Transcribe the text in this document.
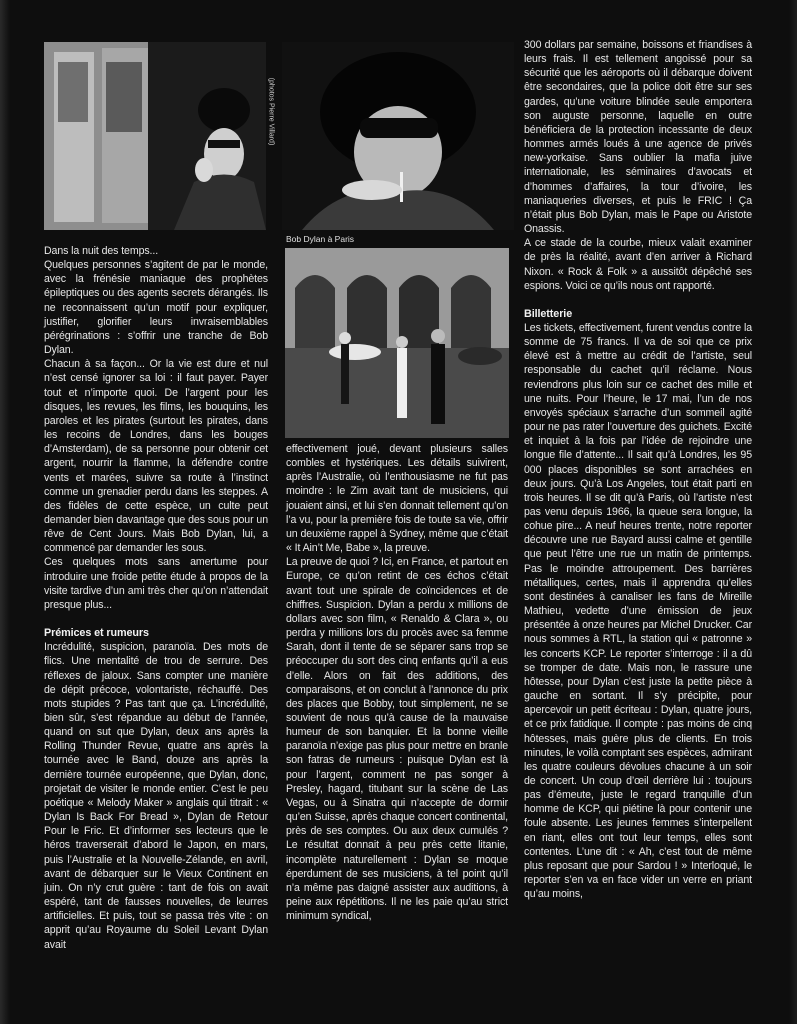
(photos Pierre Villard)
Bob Dylan à Paris

Dans la nuit des temps...

Quelques personnes s’agitent de par le monde, avec la frénésie maniaque des prophètes épileptiques ou des agents secrets dérangés. Ils ne reconnaissent qu’un motif pour expliquer, justifier, glorifier leurs invraisemblables pérégrinations : s’offrir une tranche de Bob Dylan.

Chacun à sa façon... Or la vie est dure et nul n’est censé ignorer sa loi : il faut payer. Payer tout et n’importe quoi. De l’argent pour les disques, les revues, les films, les bouquins, les paroles et les pirates (surtout les pirates, dans les recoins de Londres, dans les bouges d’Amsterdam), de sa personne pour obtenir cet argent, nourrir la flamme, la défendre contre vents et marées, suivre sa route à l’instinct comme un grenadier perdu dans les steppes. A des fidèles de cette espèce, un culte peut demander bien davantage que des sous pour un rêve de Cent Jours. Mais Bob Dylan, lui, a commencé par demander les sous.

Ces quelques mots sans amertume pour introduire une froide petite étude à propos de la visite tardive d’un ami très cher qu’on n’attendait presque plus...

Prémices et rumeurs

Incrédulité, suspicion, paranoïa. Des mots de flics. Une mentalité de trou de serrure. Des réflexes de jaloux. Sans compter une manière de dépit précoce, volontariste, réchauffé. Des mots stupides ? Pas tant que ça. L’incrédulité, bien sûr, s’est répandue au début de l’année, quand on sut que Dylan, deux ans après la Rolling Thunder Revue, quatre ans après la tournée avec le Band, douze ans après la dernière tournée européenne, que Dylan, donc, projetait de visiter le monde entier. C’est le peu poétique « Melody Maker » anglais qui titrait : « Dylan Is Back For Bread », Dylan de Retour Pour le Fric. Et d’informer ses lecteurs que le héros traverserait d’abord le Japon, en mars, puis l’Australie et la Nouvelle-Zélande, en avril, avant de débarquer sur le Vieux Continent en juin. On n’y crut guère : tant de fois on avait espéré, tant de fausses nouvelles, de leurres artificielles. Et puis, tout se passa très vite : on apprit qu’au Royaume du Soleil Levant Dylan avait

effectivement joué, devant plusieurs salles combles et hystériques. Les détails suivirent, après l’Australie, où l’enthousiasme ne fut pas moindre : le Zim avait tant de musiciens, qui jouaient ainsi, et lui s’en donnait tellement qu’on l’a vu, pour la première fois de toute sa vie, offrir un deuxième rappel à Sydney, même que c’était « It Ain’t Me, Babe », la preuve.

La preuve de quoi ? Ici, en France, et partout en Europe, ce qu’on retint de ces échos c’était avant tout une spirale de coïncidences et de chiffres. Suspicion. Dylan a perdu x millions de dollars avec son film, « Renaldo & Clara », ou perdra y millions lors du procès avec sa femme Sarah, dont il tente de se séparer sans trop se préoccuper du sort des cinq enfants qu’il a eus d’elle. Alors on fait des additions, des comparaisons, et on conclut à l’annonce du prix des places que Bobby, tout simplement, ne se souvient de nous qu’à cause de la mauvaise humeur de son banquier. Et la bonne vieille paranoïa n’exige pas plus pour mettre en branle son fatras de rumeurs : puisque Dylan est là pour l’argent, comment ne pas songer à Presley, hagard, titubant sur la scène de Las Vegas, ou à Sinatra qui n’accepte de dormir qu’en Suisse, après chaque concert continental, près de ses comptes. Ou aux deux cumulés ? Le résultat donnait à peu près cette litanie, incomplète naturellement : Dylan se moque éperdument de ses musiciens, à tel point qu’il n’a même pas daigné assister aux auditions, à peine aux répétitions. Il ne les paie qu’au strict minimum syndical,

300 dollars par semaine, boissons et friandises à leurs frais. Il est tellement angoissé pour sa sécurité que les aéroports où il débarque doivent être secondaires, que la police doit être sur ses gardes, qu’une voiture blindée seule emportera son auguste personne, laquelle en outre bénéficiera de la protection incessante de deux hommes armés loués à une agence de privés new-yorkaise. Sans oublier la mafia juive internationale, les séminaires d’avocats et d’hommes d’affaires, la tour d’ivoire, les maniaqueries diverses, et puis le FRIC ! Ça n’était plus Bob Dylan, mais le Pape ou Aristote Onassis.

A ce stade de la courbe, mieux valait examiner de près la réalité, avant d’en arriver à Richard Nixon. « Rock & Folk » a aussitôt dépêché ses espions. Voici ce qu’ils nous ont rapporté.

Billetterie

Les tickets, effectivement, furent vendus contre la somme de 75 francs. Il va de soi que ce prix élevé est à mettre au crédit de l’artiste, seul responsable du cachet qu’il réclame. Nous reviendrons plus loin sur ce cachet des mille et une nuits. Pour l’heure, le 17 mai, l’un de nos envoyés spéciaux s’arrache d’un sommeil agité pour ne pas rater l’ouverture des guichets. Excité et inquiet à la fois par l’idée de rejoindre une longue file d’attente... Il sait qu’à Londres, les 95 000 places disponibles se sont arrachées en deux jours. Qu’à Los Angeles, tout était parti en trois heures. Il se dit qu’à Paris, où l’artiste n’est pas venu depuis 1966, la queue sera longue, la cohue pire... A neuf heures trente, notre reporter découvre une rue Bayard aussi calme et gentille que peut l’être une rue un matin de printemps. Pas le moindre attroupement. Des barrières métalliques, certes, mais il apprendra qu’elles sont destinées à canaliser les fans de Mireille Mathieu, vedette d’une émission de jeux présentée à onze heures par Michel Drucker. Car nous sommes à RTL, la station qui « patronne » les concerts KCP. Le reporter s’interroge : il a dû se tromper de date. Mais non, le rassure une hôtesse, pour Dylan c’est juste la petite pièce à gauche en sortant. Il s’y précipite, pour apercevoir un petit écriteau : Dylan, quatre jours, et ce prix fatidique. Il compte : pas moins de cinq hôtesses, mais guère plus de clients. En trois minutes, le voilà comptant ses espèces, admirant les quatre couleurs dévolues chacune à un soir de concert. Un coup d’œil derrière lui : toujours pas d’émeute, juste le regard tranquille d’un homme de KCP, qui piétine là pour contenir une foule absente. Les jeunes femmes s’interpellent en riant, elles ont tout leur temps, elles sont contentes. L’une dit : « Ah, c’est tout de même plus reposant que pour Sardou ! » Interloqué, le reporter s’en va en face vider un verre en priant qu’au moins,
